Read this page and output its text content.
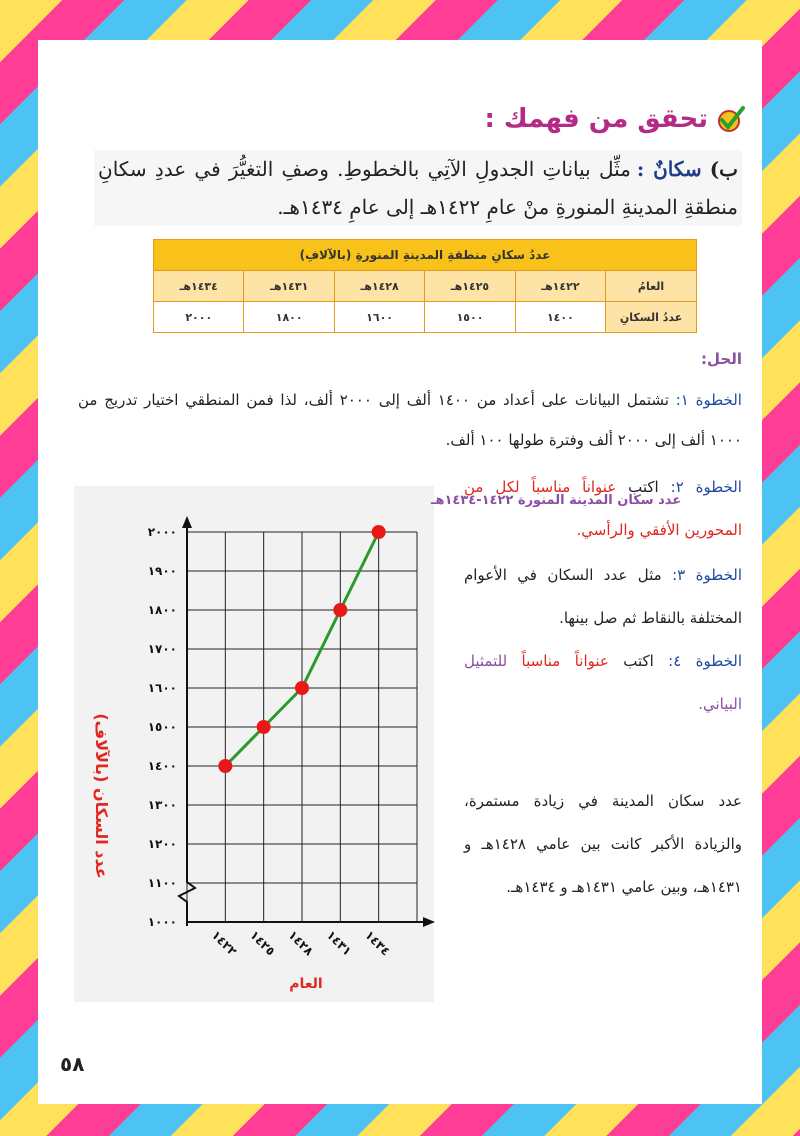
تحقق من فهمك :
ب)سكانٌ :مثِّل بياناتِ الجدولِ الآتِي بالخطوطِ. وصفِ التغيُّرَ في عددِ سكانِ منطقةِ المدينةِ المنورةِ منْ عامِ ١٤٢٢هـ إلى عامِ ١٤٣٤هـ.
عددُ سكانِ منطقةِ المدينةِ المنورةِ (بالآلافِ)					
العامُ	١٤٢٢هـ	١٤٢٥هـ	١٤٢٨هـ	١٤٣١هـ	١٤٣٤هـ
عددُ السكانِ	١٤٠٠	١٥٠٠	١٦٠٠	١٨٠٠	٢٠٠٠
الحل:
الخطوة ١: تشتمل البيانات على أعداد من ١٤٠٠ ألف إلى ٢٠٠٠ ألف، لذا فمن المنطقي اختيار تدريج من ١٠٠٠ ألف إلى ٢٠٠٠ ألف وفترة طولها ١٠٠ ألف.
الخطوة ٢: اكتب عنواناً مناسباً لكل من المحورين الأفقي والرأسي.
الخطوة ٣: مثل عدد السكان في الأعوام المختلفة بالنقاط ثم صل بينها.
الخطوة ٤: اكتب عنواناً مناسباً للتمثيل البياني.
عدد سكان المدينة في زيادة مستمرة، والزيادة الأكبر كانت بين عامي ١٤٢٨هـ و ١٤٣١هـ، وبين عامي ١٤٣١هـ و ١٤٣٤هـ.
عدد سكان المدينة المنورة ١٤٢٢-١٤٣٤هـ
١٠٠٠
١١٠٠
١٢٠٠
١٣٠٠
١٤٠٠
١٥٠٠
١٦٠٠
١٧٠٠
١٨٠٠
١٩٠٠
٢٠٠٠
١٤٢٢ ١٤٢٥ ١٤٢٨ ١٤٣١ ١٤٣٤
العام
عدد السكان (بالآلاف)
٥٨
